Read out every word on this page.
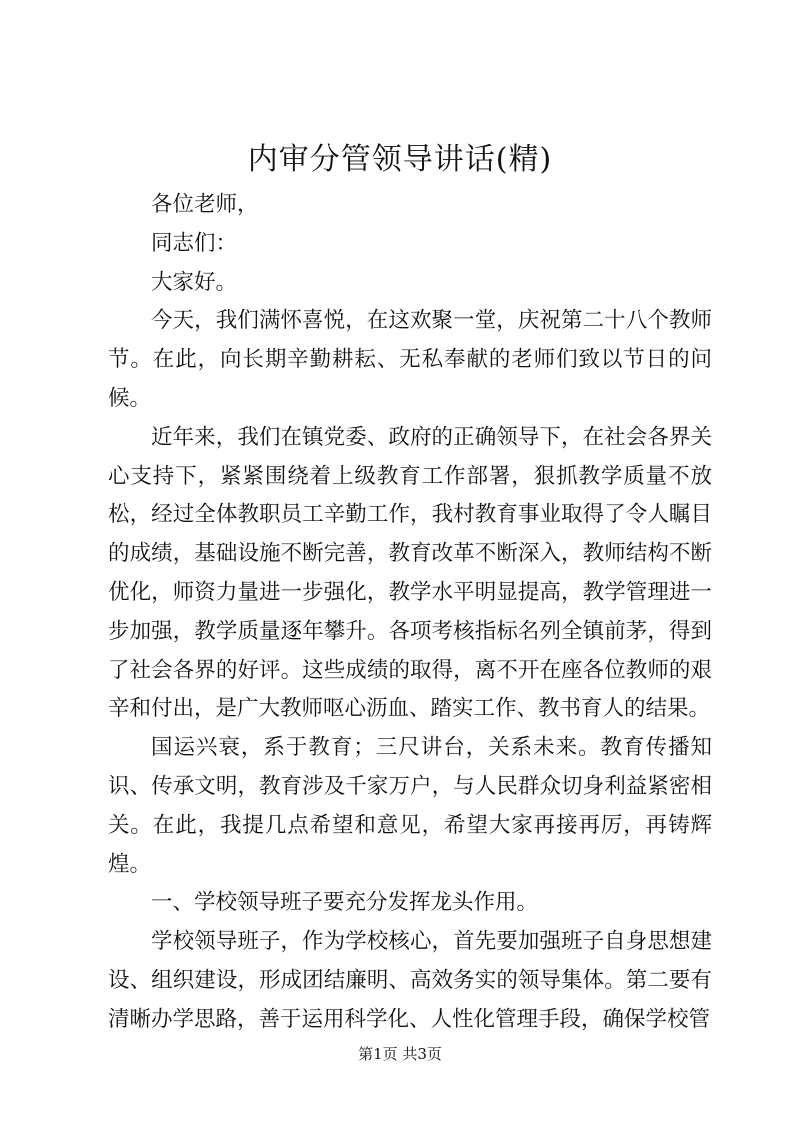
内审分管领导讲话(精)

各位老师，

同志们：

大家好。

今天，我们满怀喜悦，在这欢聚一堂，庆祝第二十八个教师节。在此，向长期辛勤耕耘、无私奉献的老师们致以节日的问候。

近年来，我们在镇党委、政府的正确领导下，在社会各界关心支持下，紧紧围绕着上级教育工作部署，狠抓教学质量不放松，经过全体教职员工辛勤工作，我村教育事业取得了令人瞩目的成绩，基础设施不断完善，教育改革不断深入，教师结构不断优化，师资力量进一步强化，教学水平明显提高，教学管理进一步加强，教学质量逐年攀升。各项考核指标名列全镇前茅，得到了社会各界的好评。这些成绩的取得，离不开在座各位教师的艰辛和付出，是广大教师呕心沥血、踏实工作、教书育人的结果。

国运兴衰，系于教育；三尺讲台，关系未来。教育传播知识、传承文明，教育涉及千家万户，与人民群众切身利益紧密相关。在此，我提几点希望和意见，希望大家再接再厉，再铸辉煌。

一、学校领导班子要充分发挥龙头作用。

学校领导班子，作为学校核心，首先要加强班子自身思想建设、组织建设，形成团结廉明、高效务实的领导集体。第二要有清晰办学思路，善于运用科学化、人性化管理手段，确保学校管

第1页 共3页
